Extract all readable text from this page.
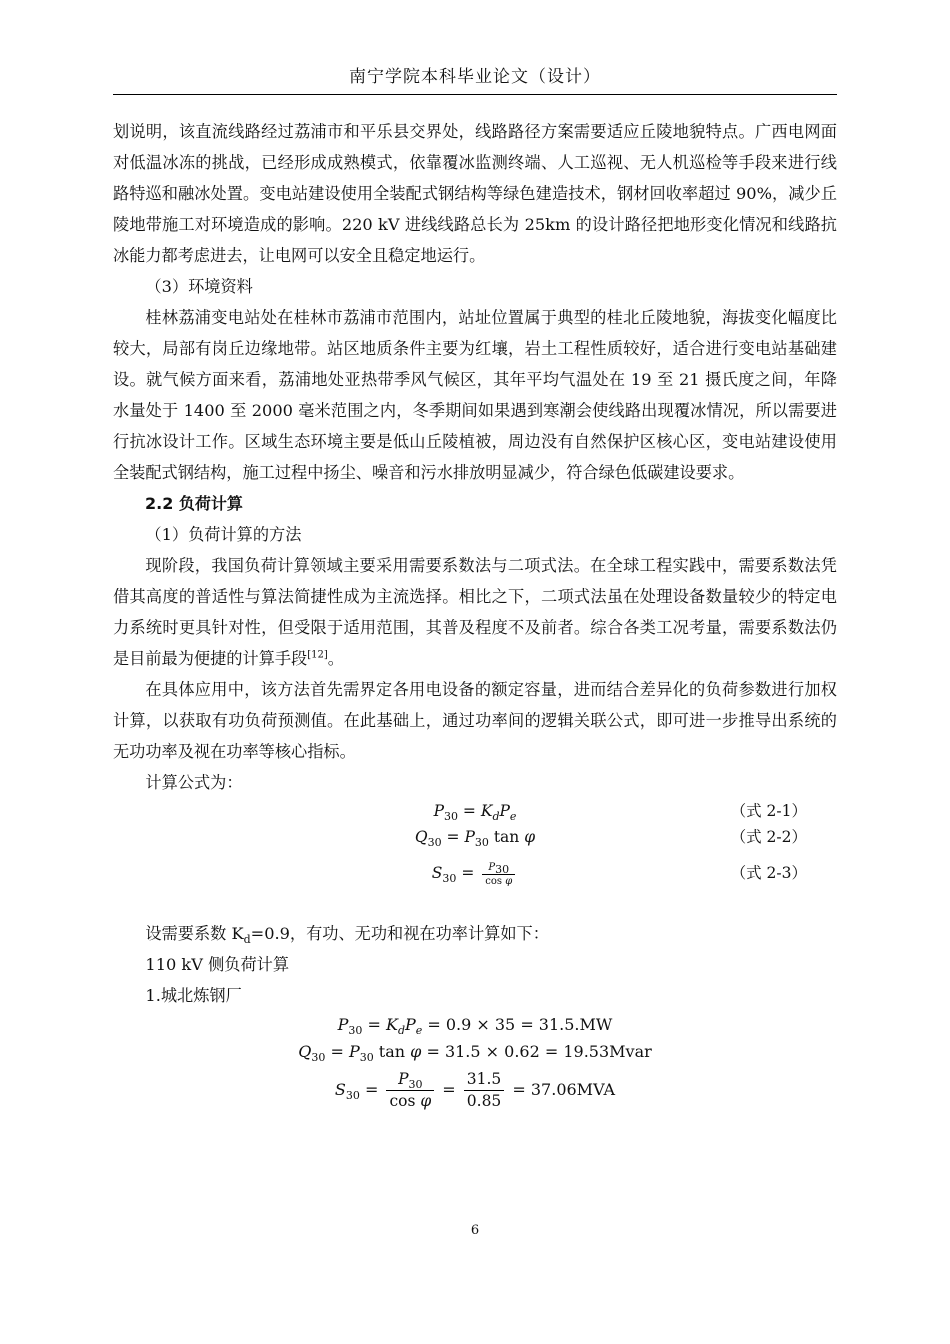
南宁学院本科毕业论文（设计）

划说明，该直流线路经过荔浦市和平乐县交界处，线路路径方案需要适应丘陵地貌特点。广西电网面对低温冰冻的挑战，已经形成成熟模式，依靠覆冰监测终端、人工巡视、无人机巡检等手段来进行线路特巡和融冰处置。变电站建设使用全装配式钢结构等绿色建造技术，钢材回收率超过 90%，减少丘陵地带施工对环境造成的影响。220 kV 进线线路总长为 25km 的设计路径把地形变化情况和线路抗冰能力都考虑进去，让电网可以安全且稳定地运行。

（3）环境资料

桂林荔浦变电站处在桂林市荔浦市范围内，站址位置属于典型的桂北丘陵地貌，海拔变化幅度比较大，局部有岗丘边缘地带。站区地质条件主要为红壤，岩土工程性质较好，适合进行变电站基础建设。就气候方面来看，荔浦地处亚热带季风气候区，其年平均气温处在 19 至 21 摄氏度之间，年降水量处于 1400 至 2000 毫米范围之内，冬季期间如果遇到寒潮会使线路出现覆冰情况，所以需要进行抗冰设计工作。区域生态环境主要是低山丘陵植被，周边没有自然保护区核心区，变电站建设使用全装配式钢结构，施工过程中扬尘、噪音和污水排放明显减少，符合绿色低碳建设要求。

2.2 负荷计算

（1）负荷计算的方法

现阶段，我国负荷计算领域主要采用需要系数法与二项式法。在全球工程实践中，需要系数法凭借其高度的普适性与算法简捷性成为主流选择。相比之下，二项式法虽在处理设备数量较少的特定电力系统时更具针对性，但受限于适用范围，其普及程度不及前者。综合各类工况考量，需要系数法仍是目前最为便捷的计算手段[12]。

在具体应用中，该方法首先需界定各用电设备的额定容量，进而结合差异化的负荷参数进行加权计算，以获取有功负荷预测值。在此基础上，通过功率间的逻辑关联公式，即可进一步推导出系统的无功功率及视在功率等核心指标。

计算公式为：

$P_{30} = K_dP_e$	（式 2-1）
$Q_{30} = P_{30}$ tan φ	（式 2-2）
$S_{30} = \frac{P_{30}}{\text{cos φ}}$	（式 2-3）

设需要系数 $K_d=0.9$，有功、无功和视在功率计算如下：

110 kV 侧负荷计算

1.城北炼钢厂

$P_{30} = K_dP_e = 0.9 \times 35 = 31.5.MW$
$Q_{30} = P_{30}$ tan φ = 31.5 × 0.62 = 19.53Mvar
$S_{30} = \frac{P_{30}}{\text{cos φ}} = \frac{31.5}{0.85} = 37.06MVA$
6
